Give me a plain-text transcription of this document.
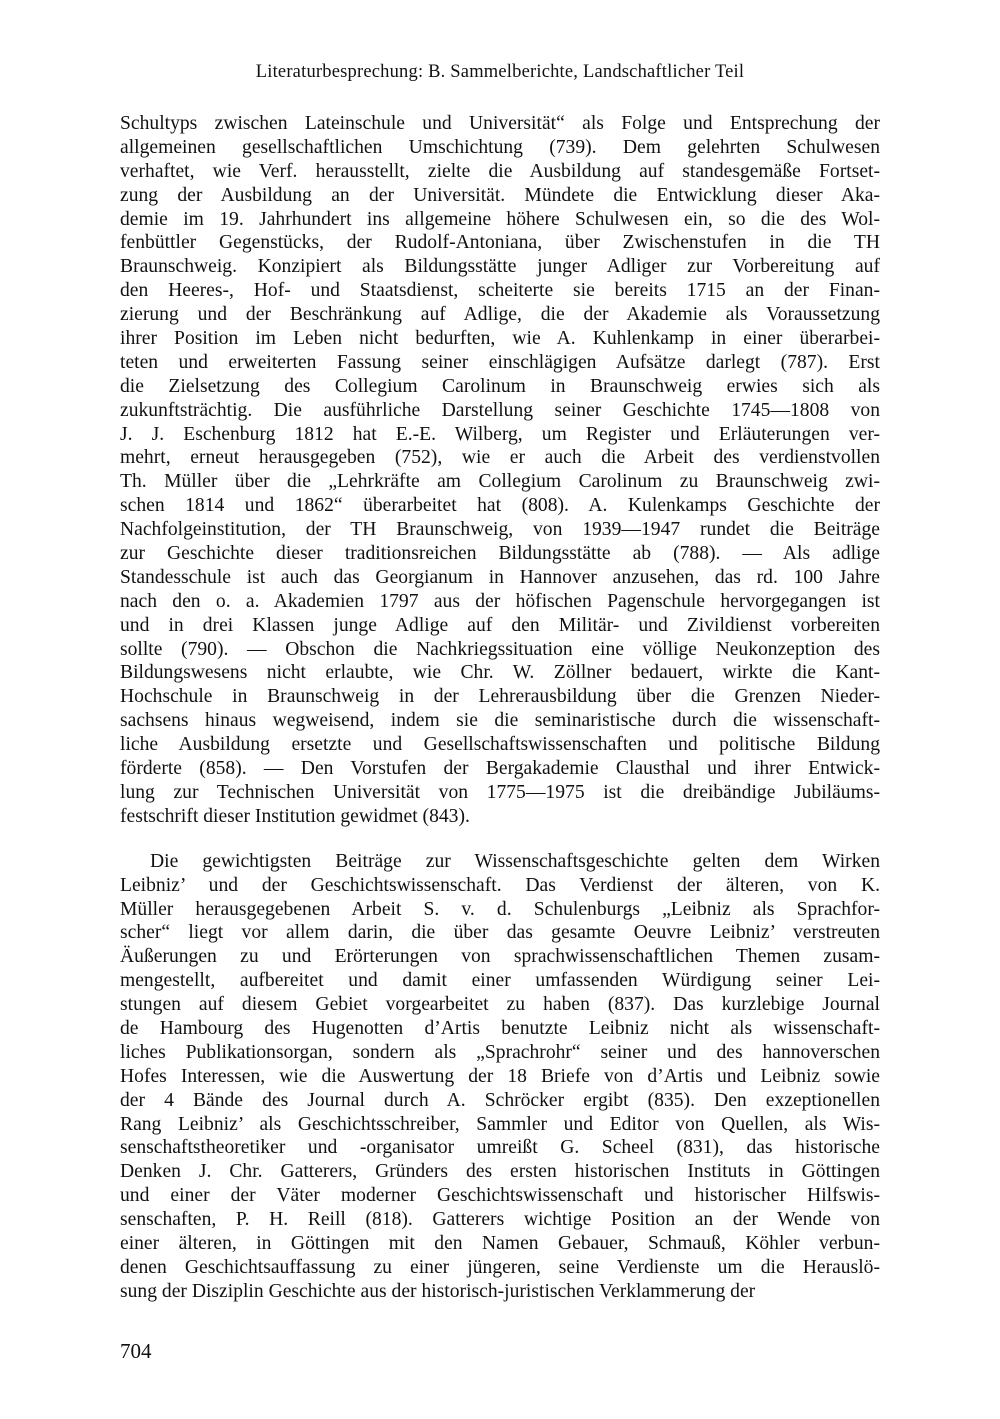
Literaturbesprechung: B. Sammelberichte, Landschaftlicher Teil
Schultyps zwischen Lateinschule und Universität“ als Folge und Entsprechung der
allgemeinen gesellschaftlichen Umschichtung (739). Dem gelehrten Schulwesen
verhaftet, wie Verf. herausstellt, zielte die Ausbildung auf standesgemäße Fortset-
zung der Ausbildung an der Universität. Mündete die Entwicklung dieser Aka-
demie im 19. Jahrhundert ins allgemeine höhere Schulwesen ein, so die des Wol-
fenbüttler Gegenstücks, der Rudolf-Antoniana, über Zwischenstufen in die TH
Braunschweig. Konzipiert als Bildungsstätte junger Adliger zur Vorbereitung auf
den Heeres-, Hof- und Staatsdienst, scheiterte sie bereits 1715 an der Finan-
zierung und der Beschränkung auf Adlige, die der Akademie als Voraussetzung
ihrer Position im Leben nicht bedurften, wie A. Kuhlenkamp in einer überarbei-
teten und erweiterten Fassung seiner einschlägigen Aufsätze darlegt (787). Erst
die Zielsetzung des Collegium Carolinum in Braunschweig erwies sich als
zukunftsträchtig. Die ausführliche Darstellung seiner Geschichte 1745—1808 von
J. J. Eschenburg 1812 hat E.-E. Wilberg, um Register und Erläuterungen ver-
mehrt, erneut herausgegeben (752), wie er auch die Arbeit des verdienstvollen
Th. Müller über die „Lehrkräfte am Collegium Carolinum zu Braunschweig zwi-
schen 1814 und 1862“ überarbeitet hat (808). A. Kulenkamps Geschichte der
Nachfolgeinstitution, der TH Braunschweig, von 1939—1947 rundet die Beiträge
zur Geschichte dieser traditionsreichen Bildungsstätte ab (788). — Als adlige
Standesschule ist auch das Georgianum in Hannover anzusehen, das rd. 100 Jahre
nach den o. a. Akademien 1797 aus der höfischen Pagenschule hervorgegangen ist
und in drei Klassen junge Adlige auf den Militär- und Zivildienst vorbereiten
sollte (790). — Obschon die Nachkriegssituation eine völlige Neukonzeption des
Bildungswesens nicht erlaubte, wie Chr. W. Zöllner bedauert, wirkte die Kant-
Hochschule in Braunschweig in der Lehrerausbildung über die Grenzen Nieder-
sachsens hinaus wegweisend, indem sie die seminaristische durch die wissenschaft-
liche Ausbildung ersetzte und Gesellschaftswissenschaften und politische Bildung
förderte (858). — Den Vorstufen der Bergakademie Clausthal und ihrer Entwick-
lung zur Technischen Universität von 1775—1975 ist die dreibändige Jubiläums-
festschrift dieser Institution gewidmet (843).
Die gewichtigsten Beiträge zur Wissenschaftsgeschichte gelten dem Wirken
Leibniz’ und der Geschichtswissenschaft. Das Verdienst der älteren, von K.
Müller herausgegebenen Arbeit S. v. d. Schulenburgs „Leibniz als Sprachfor-
scher“ liegt vor allem darin, die über das gesamte Oeuvre Leibniz’ verstreuten
Äußerungen zu und Erörterungen von sprachwissenschaftlichen Themen zusam-
mengestellt, aufbereitet und damit einer umfassenden Würdigung seiner Lei-
stungen auf diesem Gebiet vorgearbeitet zu haben (837). Das kurzlebige Journal
de Hambourg des Hugenotten d’Artis benutzte Leibniz nicht als wissenschaft-
liches Publikationsorgan, sondern als „Sprachrohr“ seiner und des hannoverschen
Hofes Interessen, wie die Auswertung der 18 Briefe von d’Artis und Leibniz sowie
der 4 Bände des Journal durch A. Schröcker ergibt (835). Den exzeptionellen
Rang Leibniz’ als Geschichtsschreiber, Sammler und Editor von Quellen, als Wis-
senschaftstheoretiker und -organisator umreißt G. Scheel (831), das historische
Denken J. Chr. Gatterers, Gründers des ersten historischen Instituts in Göttingen
und einer der Väter moderner Geschichtswissenschaft und historischer Hilfswis-
senschaften, P. H. Reill (818). Gatterers wichtige Position an der Wende von
einer älteren, in Göttingen mit den Namen Gebauer, Schmauß, Köhler verbun-
denen Geschichtsauffassung zu einer jüngeren, seine Verdienste um die Herauslö-
sung der Disziplin Geschichte aus der historisch-juristischen Verklammerung der
704
